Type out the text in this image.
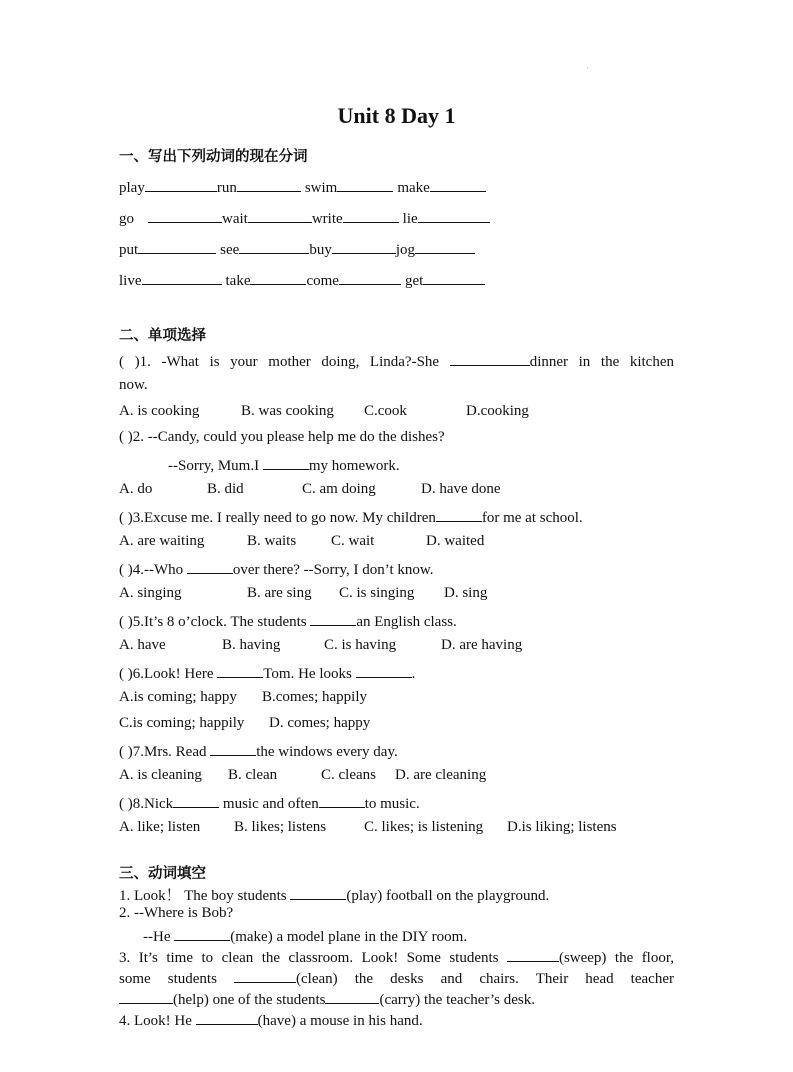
Unit 8 Day 1
一、写出下列动词的现在分词
play	run	swim	make
go	wait	write	lie
put	see	buy	jog
live	take	come	get
二、单项选择
( )1. -What is your mother doing, Linda?-She	dinner in the kitchen
now.
A. is cooking	B. was cooking C.cook	D.cooking
( )2. --Candy, could you please help me do the dishes?
--Sorry, Mum.I	my homework.
A. do	B. did	C. am doing	D. have done
( )3.Excuse me. I really need to go now. My children	for me at school.
A. are waiting	B. waits C. wait	D. waited
( )4.--Who	over there? --Sorry, I don’t know.
A. singing	B. are sing C. is singing D. sing
( )5.It’s 8 o’clock. The students	an English class.
A. have	B. having	C. is having	D. are having
( )6.Look! Here	Tom. He looks	.
A.is coming; happy B.comes; happily
C.is coming; happily D. comes; happy
( )7.Mrs. Read	the windows every day.
A. is cleaning B. clean	C. cleans D. are cleaning
( )8.Nick	music and often	to music.
A. like; listen B. likes; listens	C. likes; is listening D.is liking; listens
三、动词填空
1. Look！ The boy students	(play) football on the playground.
2. --Where is Bob?
--He	(make) a model plane in the DIY room.
3. It’s time to clean the classroom. Look! Some students	(sweep) the floor,
some students	(clean) the desks and chairs. Their head teacher
(help) one of the students	(carry) the teacher’s desk.
4. Look! He	(have) a mouse in his hand.
